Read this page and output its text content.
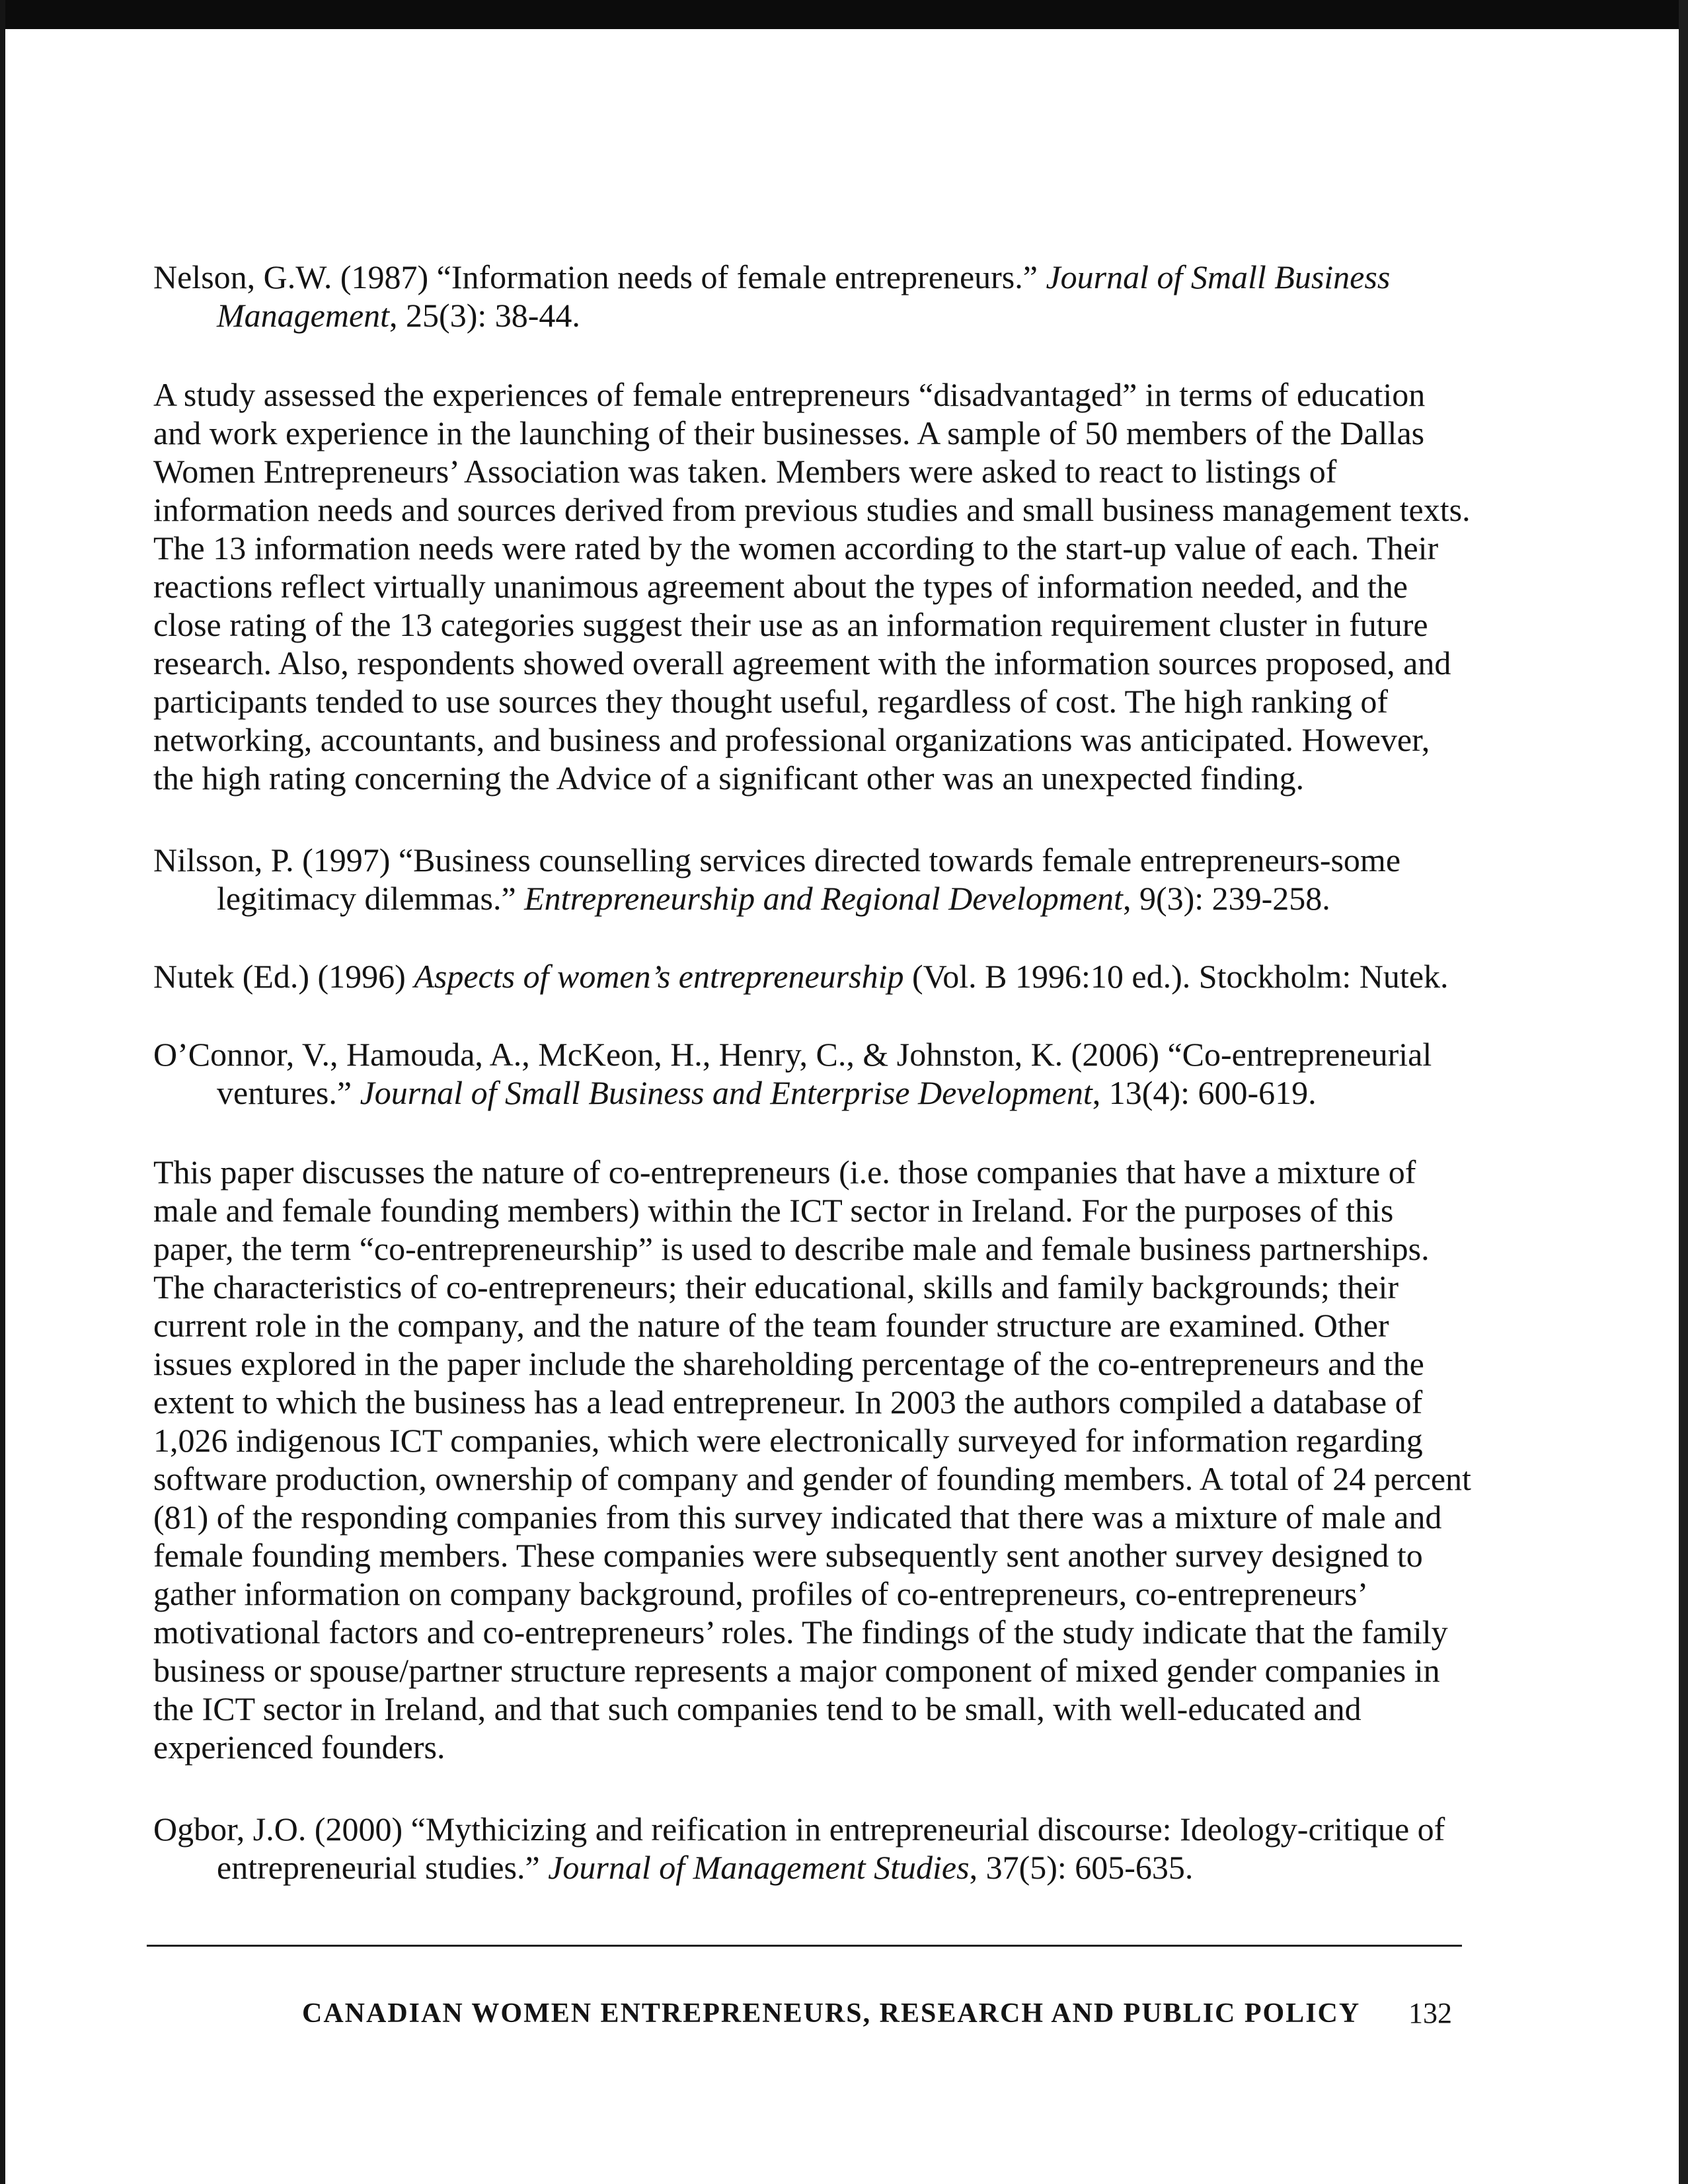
Nelson, G.W. (1987) “Information needs of female entrepreneurs.” Journal of Small Business Management, 25(3): 38-44.

A study assessed the experiences of female entrepreneurs “disadvantaged” in terms of education and work experience in the launching of their businesses. A sample of 50 members of the Dallas Women Entrepreneurs’ Association was taken. Members were asked to react to listings of information needs and sources derived from previous studies and small business management texts. The 13 information needs were rated by the women according to the start-up value of each. Their reactions reflect virtually unanimous agreement about the types of information needed, and the close rating of the 13 categories suggest their use as an information requirement cluster in future research. Also, respondents showed overall agreement with the information sources proposed, and participants tended to use sources they thought useful, regardless of cost. The high ranking of networking, accountants, and business and professional organizations was anticipated. However, the high rating concerning the Advice of a significant other was an unexpected finding.

Nilsson, P. (1997) “Business counselling services directed towards female entrepreneurs-some legitimacy dilemmas.” Entrepreneurship and Regional Development, 9(3): 239-258.

Nutek (Ed.) (1996) Aspects of women’s entrepreneurship (Vol. B 1996:10 ed.). Stockholm: Nutek.

O’Connor, V., Hamouda, A., McKeon, H., Henry, C., & Johnston, K. (2006) “Co-entrepreneurial ventures.” Journal of Small Business and Enterprise Development, 13(4): 600-619.

This paper discusses the nature of co-entrepreneurs (i.e. those companies that have a mixture of male and female founding members) within the ICT sector in Ireland. For the purposes of this paper, the term “co-entrepreneurship” is used to describe male and female business partnerships. The characteristics of co-entrepreneurs; their educational, skills and family backgrounds; their current role in the company, and the nature of the team founder structure are examined. Other issues explored in the paper include the shareholding percentage of the co-entrepreneurs and the extent to which the business has a lead entrepreneur. In 2003 the authors compiled a database of 1,026 indigenous ICT companies, which were electronically surveyed for information regarding software production, ownership of company and gender of founding members. A total of 24 percent (81) of the responding companies from this survey indicated that there was a mixture of male and female founding members. These companies were subsequently sent another survey designed to gather information on company background, profiles of co-entrepreneurs, co-entrepreneurs’ motivational factors and co-entrepreneurs’ roles. The findings of the study indicate that the family business or spouse/partner structure represents a major component of mixed gender companies in the ICT sector in Ireland, and that such companies tend to be small, with well-educated and experienced founders.

Ogbor, J.O. (2000) “Mythicizing and reification in entrepreneurial discourse: Ideology-critique of entrepreneurial studies.” Journal of Management Studies, 37(5): 605-635.

CANADIAN WOMEN ENTREPRENEURS, RESEARCH AND PUBLIC POLICY 132
